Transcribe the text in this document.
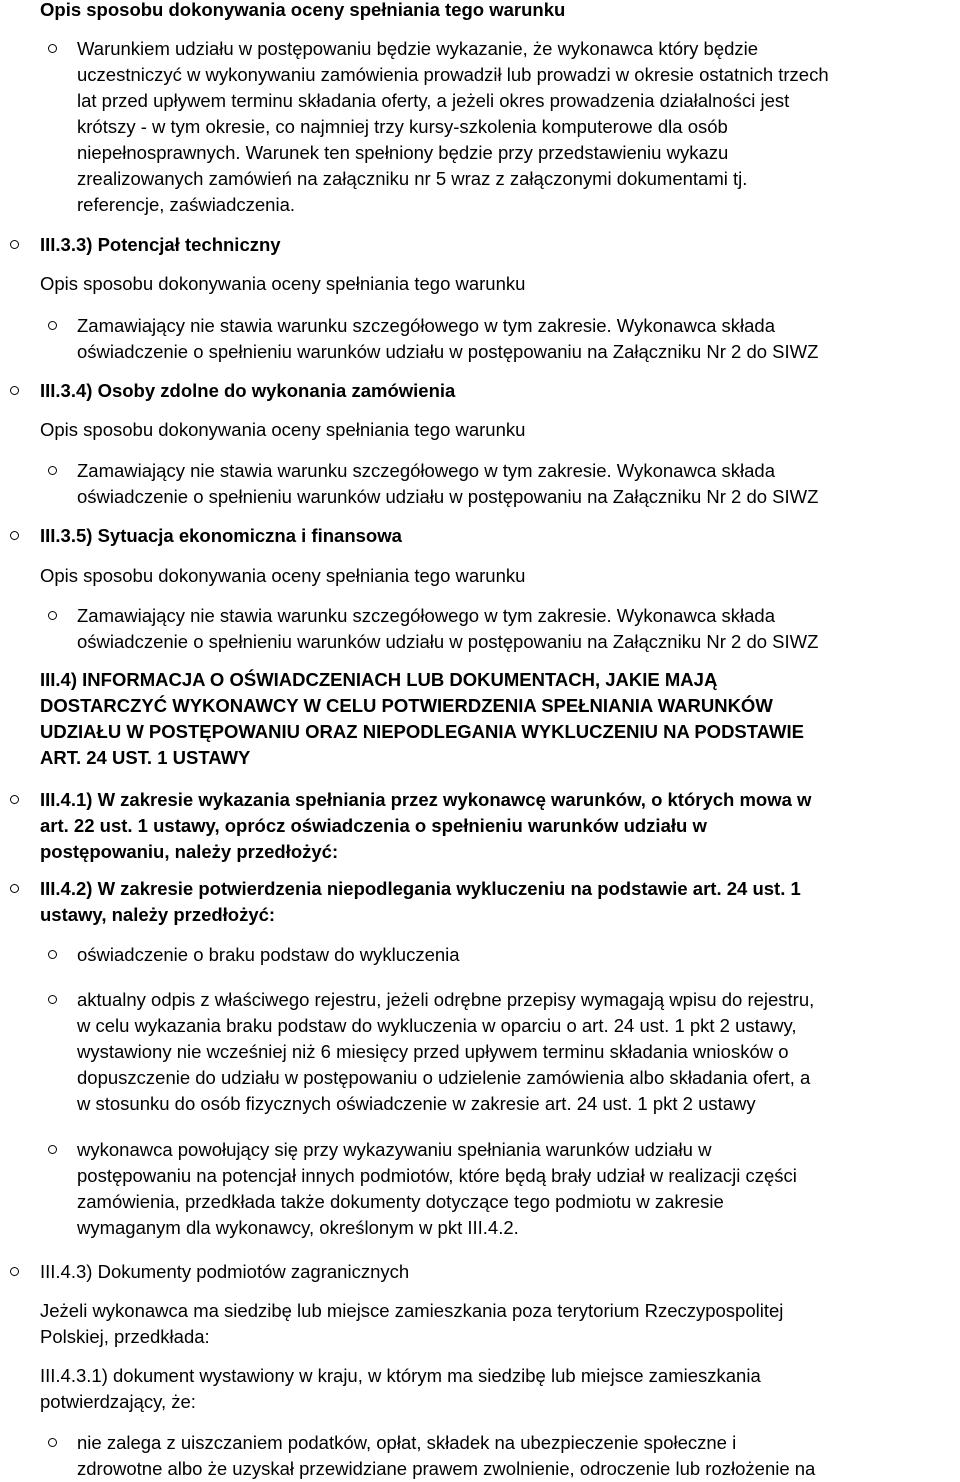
Opis sposobu dokonywania oceny spełniania tego warunku

Warunkiem udziału w postępowaniu będzie wykazanie, że wykonawca który będzie

uczestniczyć w wykonywaniu zamówienia prowadził lub prowadzi w okresie ostatnich trzech

lat przed upływem terminu składania oferty, a jeżeli okres prowadzenia działalności jest

krótszy - w tym okresie, co najmniej trzy kursy-szkolenia komputerowe dla osób

niepełnosprawnych. Warunek ten spełniony będzie przy przedstawieniu wykazu

zrealizowanych zamówień na załączniku nr 5 wraz z załączonymi dokumentami tj.

referencje, zaświadczenia.

III.3.3) Potencjał techniczny

Opis sposobu dokonywania oceny spełniania tego warunku

Zamawiający nie stawia warunku szczegółowego w tym zakresie. Wykonawca składa

oświadczenie o spełnieniu warunków udziału w postępowaniu na Załączniku Nr 2 do SIWZ

III.3.4) Osoby zdolne do wykonania zamówienia

Opis sposobu dokonywania oceny spełniania tego warunku

Zamawiający nie stawia warunku szczegółowego w tym zakresie. Wykonawca składa

oświadczenie o spełnieniu warunków udziału w postępowaniu na Załączniku Nr 2 do SIWZ

III.3.5) Sytuacja ekonomiczna i finansowa

Opis sposobu dokonywania oceny spełniania tego warunku

Zamawiający nie stawia warunku szczegółowego w tym zakresie. Wykonawca składa

oświadczenie o spełnieniu warunków udziału w postępowaniu na Załączniku Nr 2 do SIWZ

III.4) INFORMACJA O OŚWIADCZENIACH LUB DOKUMENTACH, JAKIE MAJĄ

DOSTARCZYĆ WYKONAWCY W CELU POTWIERDZENIA SPEŁNIANIA WARUNKÓW

UDZIAŁU W POSTĘPOWANIU ORAZ NIEPODLEGANIA WYKLUCZENIU NA PODSTAWIE

ART. 24 UST. 1 USTAWY

III.4.1) W zakresie wykazania spełniania przez wykonawcę warunków, o których mowa w

art. 22 ust. 1 ustawy, oprócz oświadczenia o spełnieniu warunków udziału w

postępowaniu, należy przedłożyć:

III.4.2) W zakresie potwierdzenia niepodlegania wykluczeniu na podstawie art. 24 ust. 1

ustawy, należy przedłożyć:

oświadczenie o braku podstaw do wykluczenia

aktualny odpis z właściwego rejestru, jeżeli odrębne przepisy wymagają wpisu do rejestru,

w celu wykazania braku podstaw do wykluczenia w oparciu o art. 24 ust. 1 pkt 2 ustawy,

wystawiony nie wcześniej niż 6 miesięcy przed upływem terminu składania wniosków o

dopuszczenie do udziału w postępowaniu o udzielenie zamówienia albo składania ofert, a

w stosunku do osób fizycznych oświadczenie w zakresie art. 24 ust. 1 pkt 2 ustawy

wykonawca powołujący się przy wykazywaniu spełniania warunków udziału w

postępowaniu na potencjał innych podmiotów, które będą brały udział w realizacji części

zamówienia, przedkłada także dokumenty dotyczące tego podmiotu w zakresie

wymaganym dla wykonawcy, określonym w pkt III.4.2.

III.4.3) Dokumenty podmiotów zagranicznych

Jeżeli wykonawca ma siedzibę lub miejsce zamieszkania poza terytorium Rzeczypospolitej

Polskiej, przedkłada:

III.4.3.1) dokument wystawiony w kraju, w którym ma siedzibę lub miejsce zamieszkania

potwierdzający, że:

nie zalega z uiszczaniem podatków, opłat, składek na ubezpieczenie społeczne i

zdrowotne albo że uzyskał przewidziane prawem zwolnienie, odroczenie lub rozłożenie na
